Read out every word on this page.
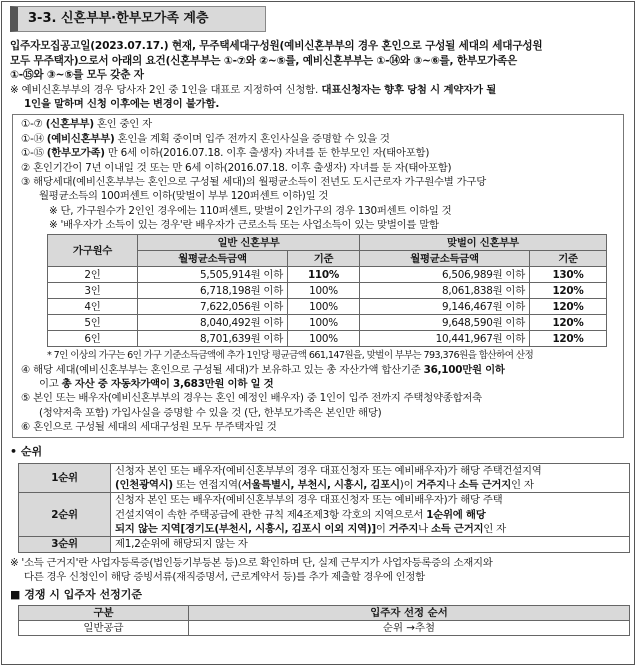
3-3. 신혼부부·한부모가족 계층
입주자모집공고일(2023.07.17.) 현재, 무주택세대구성원(예비신혼부부의 경우 혼인으로 구성될 세대의 세대구성원
모두 무주택자)으로서 아래의 요건(신혼부부는 ①-⑦와 ②~⑤를, 예비신혼부부는 ①-⑭와 ③~⑥를, 한부모가족은
①-⑮와 ③~⑤를 모두 갖춘 자
※ 예비신혼부부의 경우 당사자 2인 중 1인을 대표로 지정하여 신청함. 대표신청자는 향후 당첨 시 계약자가 될
1인을 말하며 신청 이후에는 변경이 불가함.
①-⑦ (신혼부부) 혼인 중인 자
①-⑭ (예비신혼부부) 혼인을 계획 중이며 입주 전까지 혼인사실을 증명할 수 있을 것
①-⑮ (한부모가족) 만 6세 이하(2016.07.18. 이후 출생자) 자녀를 둔 한부모인 자(태아포함)
② 혼인기간이 7년 이내일 것 또는 만 6세 이하(2016.07.18. 이후 출생자) 자녀를 둔 자(태아포함)
③ 해당세대(예비신혼부부는 혼인으로 구성될 세대)의 월평균소득이 전년도 도시근로자 가구원수별 가구당
월평균소득의 100퍼센트 이하(맞벌이 부부 120퍼센트 이하)일 것
※ 단, 가구원수가 2인인 경우에는 110퍼센트, 맞벌이 2인가구의 경우 130퍼센트 이하일 것
※ '배우자가 소득이 있는 경우'란 배우자가 근로소득 또는 사업소득이 있는 맞벌이를 말함
가구원수	일반 신혼부부		맞벌이 신혼부부	
	월평균소득금액	기준	월평균소득금액	기준
2인	5,505,914원 이하	110%	6,506,989원 이하	130%
3인	6,718,198원 이하	100%	8,061,838원 이하	120%
4인	7,622,056원 이하	100%	9,146,467원 이하	120%
5인	8,040,492원 이하	100%	9,648,590원 이하	120%
6인	8,701,639원 이하	100%	10,441,967원 이하	120%
* 7인 이상의 가구는 6인 가구 기준소득금액에 추가 1인당 평균금액 661,147원을, 맞벌이 부부는 793,376원을 합산하여 산정
④ 해당 세대(예비신혼부부는 혼인으로 구성될 세대)가 보유하고 있는 총 자산가액 합산기준 36,100만원 이하
이고 총 자산 중 자동차가액이 3,683만원 이하 일 것
⑤ 본인 또는 배우자(예비신혼부부의 경우는 혼인 예정인 배우자) 중 1인이 입주 전까지 주택청약종합저축
(청약저축 포함) 가입사실을 증명할 수 있을 것 (단, 한부모가족은 본인만 해당)
⑥ 혼인으로 구성될 세대의 세대구성원 모두 무주택자일 것
• 순위
1순위	신청자 본인 또는 배우자(예비신혼부부의 경우 대표신청자 또는 예비배우자)가 해당 주택건설지역
(인천광역시) 또는 연접지역(서울특별시, 부천시, 시흥시, 김포시)이 거주지나 소득 근거지인 자

2순위	신청자 본인 또는 배우자(예비신혼부부의 경우 대표신청자 또는 예비배우자)가 해당 주택
건설지역이 속한 주택공급에 관한 규칙 제4조제3항 각호의 지역으로서 1순위에 해당
되지 않는 지역[경기도(부천시, 시흥시, 김포시 이외 지역)]이 거주지나 소득 근거지인 자

3순위	제1,2순위에 해당되지 않는 자
※ '소득 근거지'란 사업자등록증(법인등기부등본 등)으로 확인하며 단, 실제 근무지가 사업자등록증의 소재지와
다른 경우 신청인이 해당 증빙서류(재직증명서, 근로계약서 등)를 추가 제출할 경우에 인정함
■ 경쟁 시 입주자 선정기준
구분	입주자 선정 순서
일반공급	순위 →추첨
